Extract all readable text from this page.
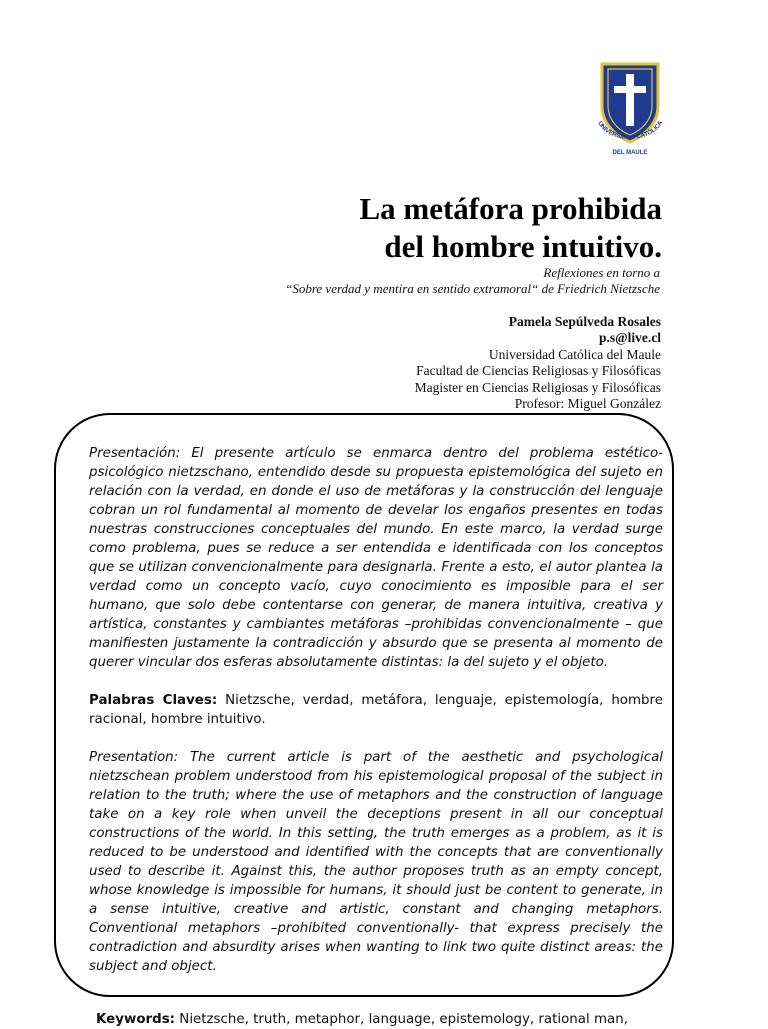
UNIVERSIDAD CATÓLICA
DEL MAULE
La metáfora prohibida
del hombre intuitivo.
Reflexiones en torno a
“Sobre verdad y mentira en sentido extramoral“ de Friedrich Nietzsche
Pamela Sepúlveda Rosales
p.s@live.cl
Universidad Católica del Maule
Facultad de Ciencias Religiosas y Filosóficas
Magister en Ciencias Religiosas y Filosóficas
Profesor: Miguel González

Presentación: El presente artículo se enmarca dentro del problema estético-psicológico nietzschano, entendido desde su propuesta epistemológica del sujeto en relación con la verdad, en donde el uso de metáforas y la construcción del lenguaje cobran un rol fundamental al momento de develar los engaños presentes en todas nuestras construcciones conceptuales del mundo. En este marco, la verdad surge como problema, pues se reduce a ser entendida e identificada con los conceptos que se utilizan convencionalmente para designarla. Frente a esto, el autor plantea la verdad como un concepto vacío, cuyo conocimiento es imposible para el ser humano, que solo debe contentarse con generar, de manera intuitiva, creativa y artística, constantes y cambiantes metáforas –prohibidas convencionalmente – que manifiesten justamente la contradicción y absurdo que se presenta al momento de querer vincular dos esferas absolutamente distintas: la del sujeto y el objeto.

Palabras Claves: Nietzsche, verdad, metáfora, lenguaje, epistemología, hombre racional, hombre intuitivo.

Presentation: The current article is part of the aesthetic and psychological nietzschean problem understood from his epistemological proposal of the subject in relation to the truth; where the use of metaphors and the construction of language take on a key role when unveil the deceptions present in all our conceptual constructions of the world. In this setting, the truth emerges as a problem, as it is reduced to be understood and identified with the concepts that are conventionally used to describe it. Against this, the author proposes truth as an empty concept, whose knowledge is impossible for humans, it should just be content to generate, in a sense intuitive, creative and artistic, constant and changing metaphors. Conventional metaphors –prohibited conventionally- that express precisely the contradiction and absurdity arises when wanting to link two quite distinct areas: the subject and object.

Keywords: Nietzsche, truth, metaphor, language, epistemology, rational man,
